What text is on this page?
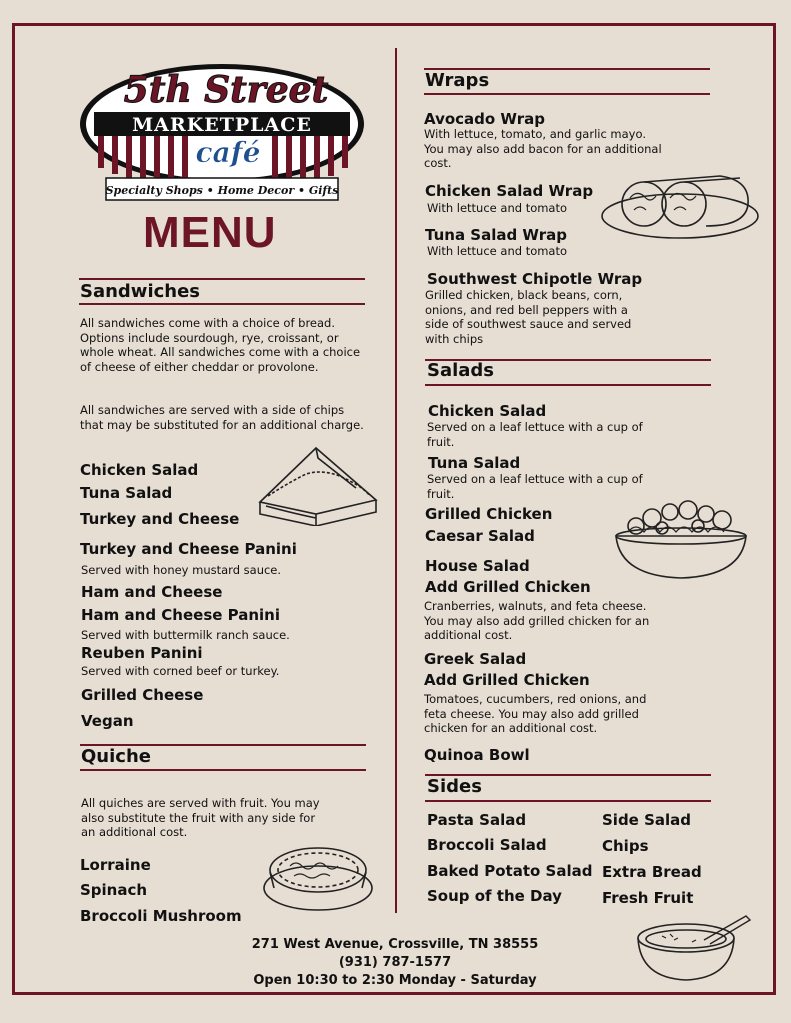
5th Street
MARKETPLACE
café
Specialty Shops • Home Decor • Gifts
MENU
Sandwiches
All sandwiches come with a choice of bread. Options include sourdough, rye, croissant, or whole wheat. All sandwiches come with a choice of cheese of either cheddar or provolone.
All sandwiches are served with a side of chips that may be substituted for an additional charge.
Chicken Salad
Tuna Salad
Turkey and Cheese
Turkey and Cheese Panini
Served with honey mustard sauce.
Ham and Cheese
Ham and Cheese Panini
Served with buttermilk ranch sauce.
Reuben Panini
Served with corned beef or turkey.
Grilled Cheese
Vegan
Quiche
All quiches are served with fruit. You may also substitute the fruit with any side for an additional cost.
Lorraine
Spinach
Broccoli Mushroom
Wraps
Avocado Wrap
With lettuce, tomato, and garlic mayo. You may also add bacon for an additional cost.
Chicken Salad Wrap
With lettuce and tomato
Tuna Salad Wrap
With lettuce and tomato
Southwest Chipotle Wrap
Grilled chicken, black beans, corn, onions, and red bell peppers with a side of southwest sauce and served with chips
Salads
Chicken Salad
Served on a leaf lettuce with a cup of fruit.
Tuna Salad
Served on a leaf lettuce with a cup of fruit.
Grilled Chicken
Caesar Salad
House Salad
Add Grilled Chicken
Cranberries, walnuts, and feta cheese. You may also add grilled chicken for an additional cost.
Greek Salad
Add Grilled Chicken
Tomatoes, cucumbers, red onions, and feta cheese. You may also add grilled chicken for an additional cost.
Quinoa Bowl
Sides
Pasta Salad
Broccoli Salad
Baked Potato Salad
Soup of the Day
Side Salad
Chips
Extra Bread
Fresh Fruit
271 West Avenue, Crossville, TN 38555
(931) 787-1577
Open 10:30 to 2:30 Monday - Saturday
